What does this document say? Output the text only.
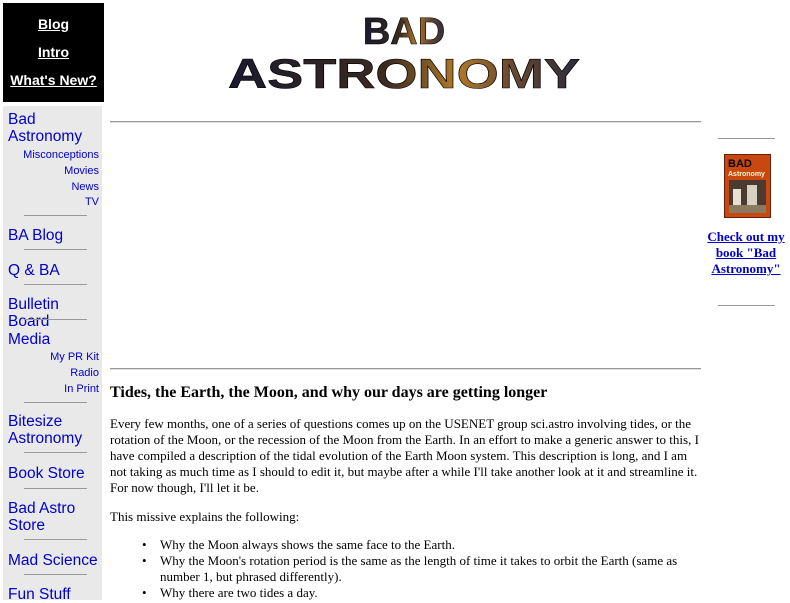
Blog
Intro
What's New?
Bad Astronomy
Misconceptions
Movies
News
TV
BA Blog
Q & BA
Bulletin Board
Media
My PR Kit
Radio
In Print
Bitesize Astronomy
Book Store
Bad Astro Store
Mad Science
Fun Stuff
BAD
ASTRONOMY
BAD
Astronomy
Check out my book "Bad Astronomy"
Tides, the Earth, the Moon, and why our days are getting longer

Every few months, one of a series of questions comes up on the USENET group sci.astro involving tides, or the rotation of the Moon, or the recession of the Moon from the Earth. In an effort to make a generic answer to this, I have compiled a description of the tidal evolution of the Earth Moon system. This description is long, and I am not taking as much time as I should to edit it, but maybe after a while I'll take another look at it and streamline it. For now though, I'll let it be.

This missive explains the following:

• Why the Moon always shows the same face to the Earth.
• Why the Moon's rotation period is the same as the length of time it takes to orbit the Earth (same as number 1, but phrased differently).
• Why there are two tides a day.
